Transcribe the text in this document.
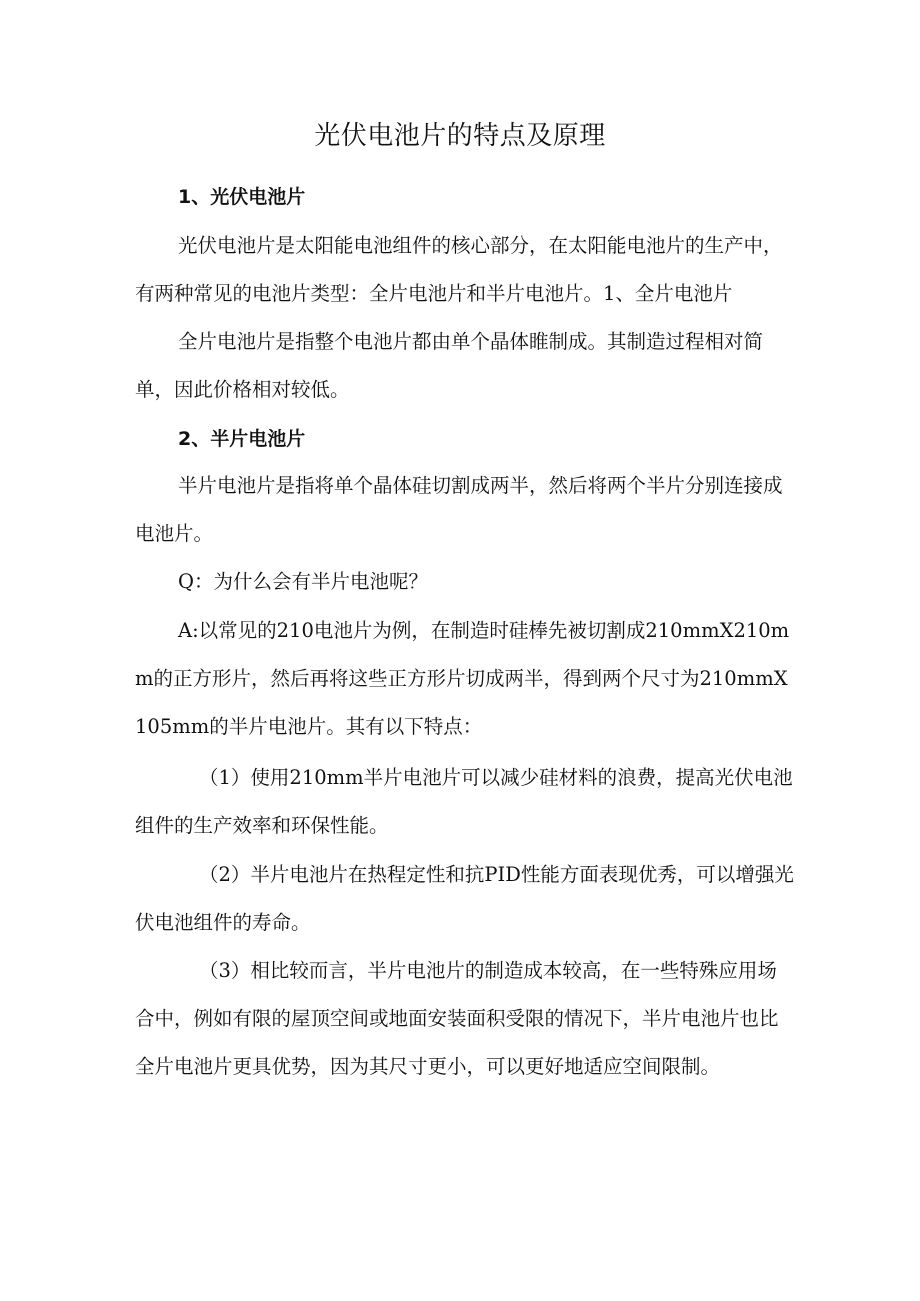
光伏电池片的特点及原理
1、光伏电池片

光伏电池片是太阳能电池组件的核心部分，在太阳能电池片的生产中，有两种常见的电池片类型：全片电池片和半片电池片。1、全片电池片

全片电池片是指整个电池片都由单个晶体睢制成。其制造过程相对简单，因此价格相对较低。

2、半片电池片

半片电池片是指将单个晶体硅切割成两半，然后将两个半片分别连接成电池片。

Q：为什么会有半片电池呢？

A:以常见的210电池片为例，在制造时硅棒先被切割成210mmX210mm的正方形片，然后再将这些正方形片切成两半，得到两个尺寸为210mmX105mm的半片电池片。其有以下特点：

（1）使用210mm半片电池片可以减少硅材料的浪费，提高光伏电池组件的生产效率和环保性能。

（2）半片电池片在热程定性和抗PID性能方面表现优秀，可以增强光伏电池组件的寿命。

（3）相比较而言，半片电池片的制造成本较高，在一些特殊应用场合中，例如有限的屋顶空间或地面安装面积受限的情况下，半片电池片也比全片电池片更具优势，因为其尺寸更小，可以更好地适应空间限制。
